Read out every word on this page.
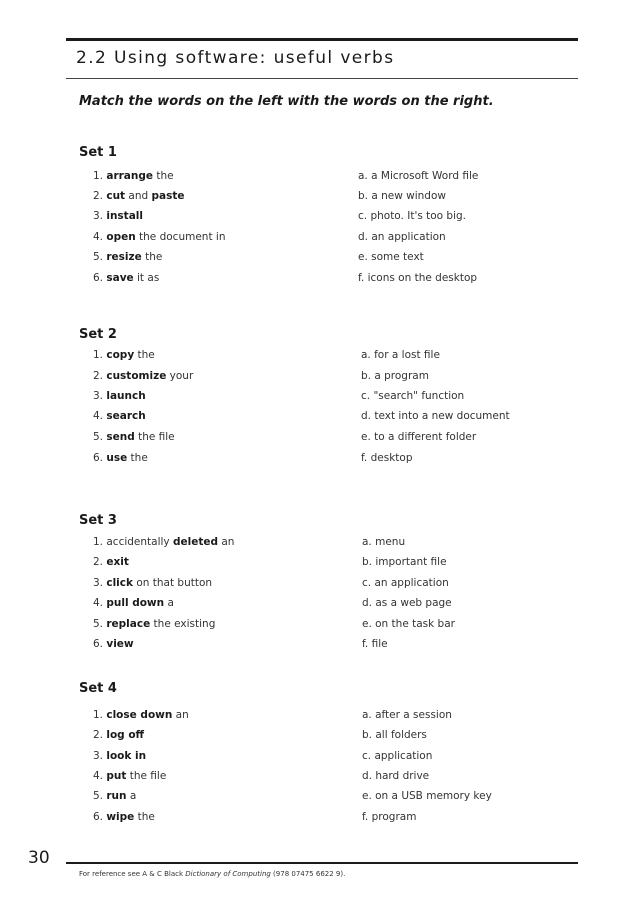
2.2 Using software: useful verbs
Match the words on the left with the words on the right.
Set 1
1. arrange the
2. cut and paste
3. install
4. open the document in
5. resize the
6. save it as
a. a Microsoft Word file
b. a new window
c. photo. It's too big.
d. an application
e. some text
f. icons on the desktop
Set 2
1. copy the
2. customize your
3. launch
4. search
5. send the file
6. use the
a. for a lost file
b. a program
c. "search" function
d. text into a new document
e. to a different folder
f. desktop
Set 3
1. accidentally deleted an
2. exit
3. click on that button
4. pull down a
5. replace the existing
6. view
a. menu
b. important file
c. an application
d. as a web page
e. on the task bar
f. file
Set 4
1. close down an
2. log off
3. look in
4. put the file
5. run a
6. wipe the
a. after a session
b. all folders
c. application
d. hard drive
e. on a USB memory key
f. program
30
For reference see A & C Black Dictionary of Computing (978 07475 6622 9).
